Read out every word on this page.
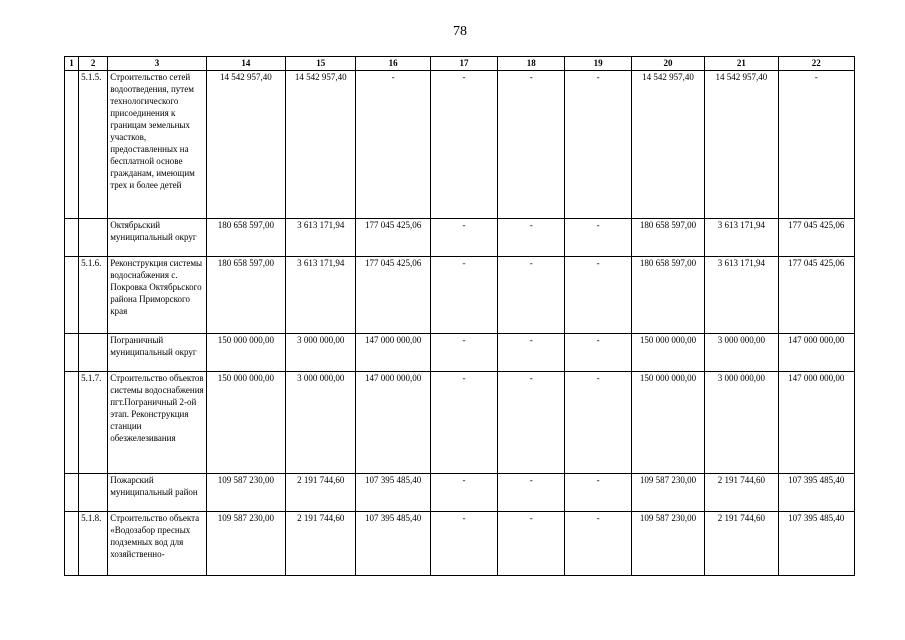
78
1	2	3	14	15	16	17	18	19	20	21	22
	5.1.5.	Строительство сетей водоотведения, путем технологического присоединения к границам земельных участков, предоставленных на бесплатной основе гражданам, имеющим трех и более детей	14 542 957,40	14 542 957,40	-	-	-	-	14 542 957,40	14 542 957,40	-
		Октябрьский муниципальный округ	180 658 597,00	3 613 171,94	177 045 425,06	-	-	-	180 658 597,00	3 613 171,94	177 045 425,06
	5.1.6.	Реконструкция системы водоснабжения с. Покровка Октябрьского района Приморского края	180 658 597,00	3 613 171,94	177 045 425,06	-	-	-	180 658 597,00	3 613 171,94	177 045 425,06
		Пограничный муниципальный округ	150 000 000,00	3 000 000,00	147 000 000,00	-	-	-	150 000 000,00	3 000 000,00	147 000 000,00
	5.1.7.	Строительство объектов системы водоснабжения пгт.Пограничный 2-ой этап. Реконструкция станции обезжелезивания	150 000 000,00	3 000 000,00	147 000 000,00	-	-	-	150 000 000,00	3 000 000,00	147 000 000,00
		Пожарский муниципальный район	109 587 230,00	2 191 744,60	107 395 485,40	-	-	-	109 587 230,00	2 191 744,60	107 395 485,40
	5.1.8.	Строительство объекта «Водозабор пресных подземных вод для хозяйственно-	109 587 230,00	2 191 744,60	107 395 485,40	-	-	-	109 587 230,00	2 191 744,60	107 395 485,40
